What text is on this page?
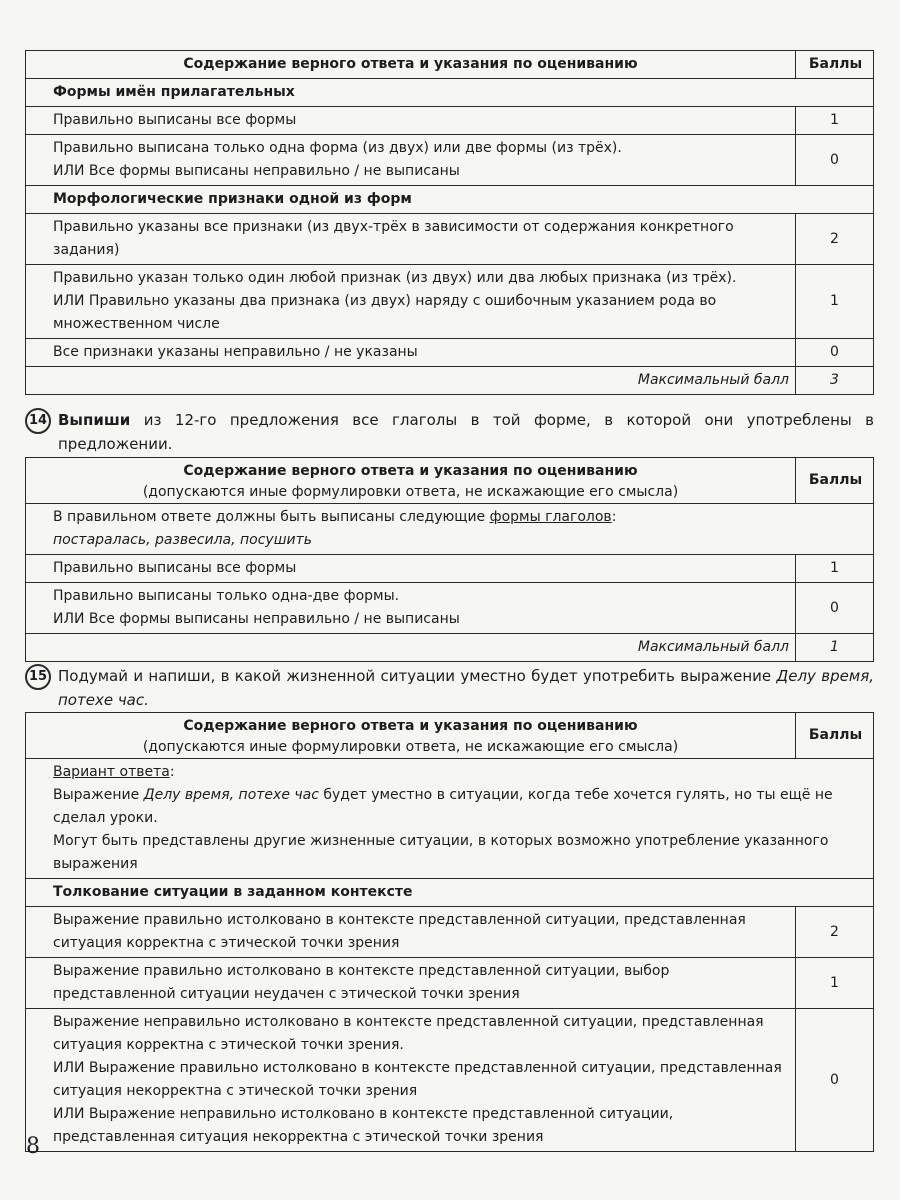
Содержание верного ответа и указания по оцениванию	Баллы
Формы имён прилагательных	
Правильно выписаны все формы	1

Правильно выписана только одна форма (из двух) или две формы (из трёх).
ИЛИ Все формы выписаны неправильно / не выписаны	0
Морфологические признаки одной из форм	
Правильно указаны все признаки (из двух-трёх в зависимости от содержания конкретного задания)	2

Правильно указан только один любой признак (из двух) или два любых признака (из трёх).
ИЛИ Правильно указаны два признака (из двух) наряду с ошибочным указанием рода во множественном числе	1
Все признаки указаны неправильно / не указаны	0
Максимальный балл	3
14 Выпиши из 12-го предложения все глаголы в той форме, в которой они употреблены в предложении.
Содержание верного ответа и указания по оцениванию
(допускаются иные формулировки ответа, не искажающие его смысла)	Баллы

В правильном ответе должны быть выписаны следующие формы глаголов:
постаралась, развесила, посушить	

Правильно выписаны все формы	1

Правильно выписаны только одна-две формы.
ИЛИ Все формы выписаны неправильно / не выписаны	0
Максимальный балл	1
15 Подумай и напиши, в какой жизненной ситуации уместно будет употребить выражение Делу время, потехе час.
Содержание верного ответа и указания по оцениванию
(допускаются иные формулировки ответа, не искажающие его смысла)	Баллы

Вариант ответа:
Выражение Делу время, потехе час будет уместно в ситуации, когда тебе хочется гулять, но ты ещё не сделал уроки.
Могут быть представлены другие жизненные ситуации, в которых возможно употребление указанного выражения	

Толкование ситуации в заданном контексте	
Выражение правильно истолковано в контексте представленной ситуации, представленная ситуация корректна с этической точки зрения	2
Выражение правильно истолковано в контексте представленной ситуации, выбор представленной ситуации неудачен с этической точки зрения	1

Выражение неправильно истолковано в контексте представленной ситуации, представленная ситуация корректна с этической точки зрения.
ИЛИ Выражение правильно истолковано в контексте представленной ситуации, представленная ситуация некорректна с этической точки зрения
ИЛИ Выражение неправильно истолковано в контексте представленной ситуации, представленная ситуация некорректна с этической точки зрения	0
8
